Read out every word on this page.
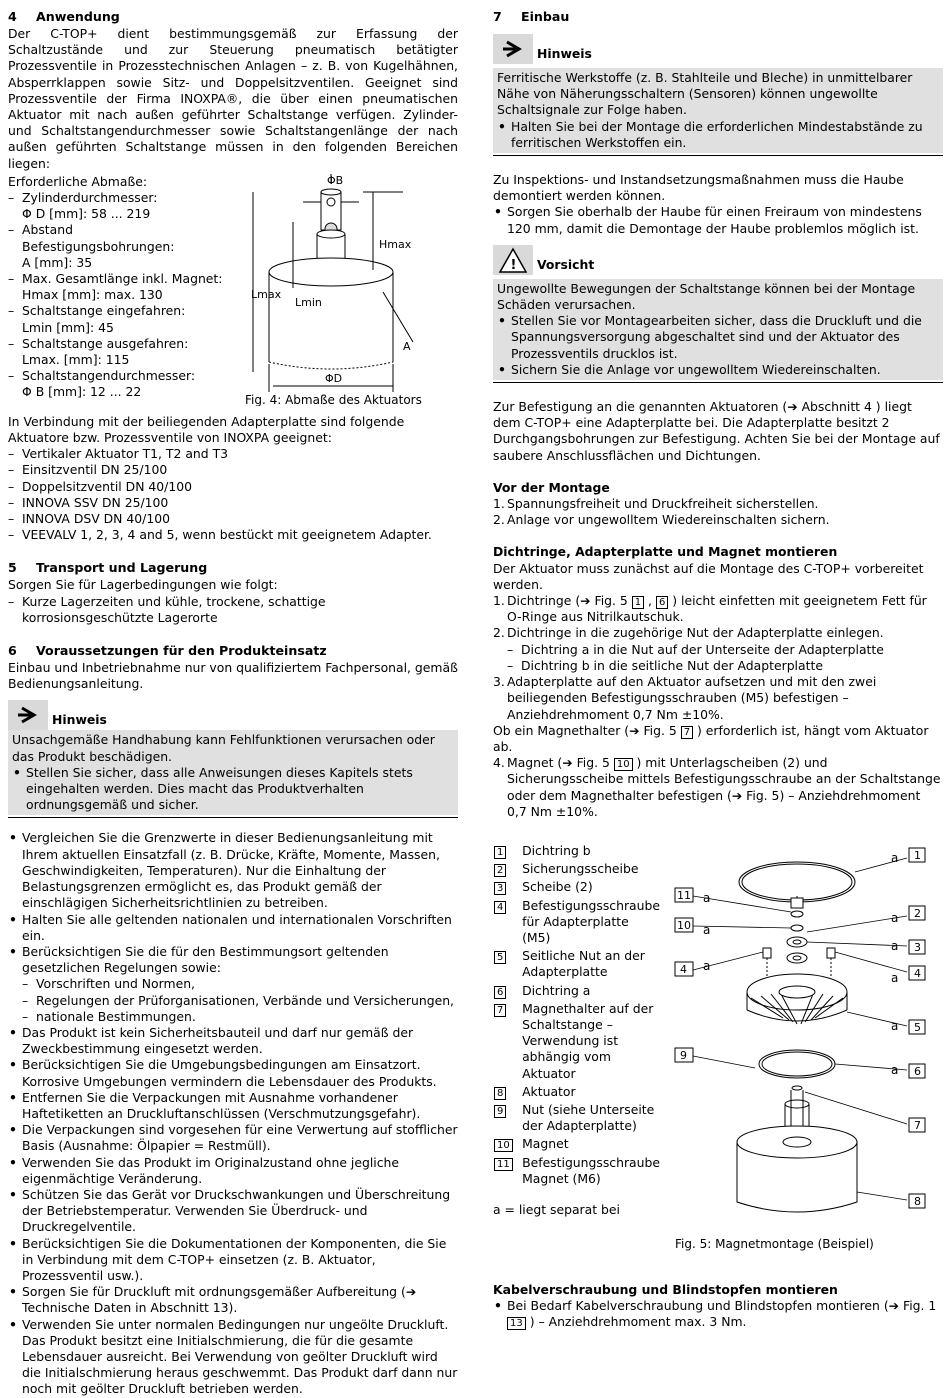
4 Anwendung

Der C-TOP+ dient bestimmungsgemäß zur Erfassung der Schaltzustände und zur Steuerung pneumatisch betätigter Prozessventile in Prozesstechnischen Anlagen – z. B. von Kugelhähnen, Absperrklappen sowie Sitz- und Doppelsitzventilen. Geeignet sind Prozessventile der Firma INOXPA®, die über einen pneumatischen Aktuator mit nach außen geführter Schaltstange verfügen. Zylinder- und Schaltstangendurchmesser sowie Schaltstangenlänge der nach außen geführten Schaltstange müssen in den folgenden Bereichen liegen:

Erforderliche Abmaße:

– Zylinderdurchmesser:
Φ D [mm]: 58 ... 219
– Abstand Befestigungsbohrungen:
A [mm]: 35
– Max. Gesamtlänge inkl. Magnet:
Hmax [mm]: max. 130
– Schaltstange eingefahren:
Lmin [mm]: 45
– Schaltstange ausgefahren:
Lmax. [mm]: 115
– Schaltstangendurchmesser:
Φ B [mm]: 12 ... 22
ΦB
Hmax
Lmax
Lmin
A
ΦD
Fig. 4: Abmaße des Aktuators

In Verbindung mit der beiliegenden Adapterplatte sind folgende Aktuatore bzw. Prozessventile von INOXPA geeignet:

– Vertikaler Aktuator T1, T2 and T3
– Einsitzventil DN 25/100
– Doppelsitzventil DN 40/100
– INNOVA SSV DN 25/100
– INNOVA DSV DN 40/100
– VEEVALV 1, 2, 3, 4 and 5, wenn bestückt mit geeignetem Adapter.
5 Transport und Lagerung

Sorgen Sie für Lagerbedingungen wie folgt:

– Kurze Lagerzeiten und kühle, trockene, schattige korrosionsgeschützte Lagerorte
6 Voraussetzungen für den Produkteinsatz

Einbau und Inbetriebnahme nur von qualifiziertem Fachpersonal, gemäß Bedienungsanleitung.

Hinweis

Unsachgemäße Handhabung kann Fehlfunktionen verursachen oder das Produkt beschädigen.

• Stellen Sie sicher, dass alle Anweisungen dieses Kapitels stets eingehalten werden. Dies macht das Produktverhalten ordnungsgemäß und sicher.
• Vergleichen Sie die Grenzwerte in dieser Bedienungsanleitung mit Ihrem aktuellen Einsatzfall (z. B. Drücke, Kräfte, Momente, Massen, Geschwindigkeiten, Temperaturen). Nur die Einhaltung der Belastungsgrenzen ermöglicht es, das Produkt gemäß der einschlägigen Sicherheitsrichtlinien zu betreiben.
• Halten Sie alle geltenden nationalen und internationalen Vorschriften ein.
• Berücksichtigen Sie die für den Bestimmungsort geltenden gesetzlichen Regelungen sowie:
– Vorschriften und Normen,
– Regelungen der Prüforganisationen, Verbände und Versicherungen,
– nationale Bestimmungen.
• Das Produkt ist kein Sicherheitsbauteil und darf nur gemäß der Zweckbestimmung eingesetzt werden.
• Berücksichtigen Sie die Umgebungsbedingungen am Einsatzort. Korrosive Umgebungen vermindern die Lebensdauer des Produkts.
• Entfernen Sie die Verpackungen mit Ausnahme vorhandener Haftetiketten an Druckluftanschlüssen (Verschmutzungsgefahr).
• Die Verpackungen sind vorgesehen für eine Verwertung auf stofflicher Basis (Ausnahme: Ölpapier = Restmüll).
• Verwenden Sie das Produkt im Originalzustand ohne jegliche eigenmächtige Veränderung.
• Schützen Sie das Gerät vor Druckschwankungen und Überschreitung der Betriebstemperatur. Verwenden Sie Überdruck- und Druckregelventile.
• Berücksichtigen Sie die Dokumentationen der Komponenten, die Sie in Verbindung mit dem C-TOP+ einsetzen (z. B. Aktuator, Prozessventil usw.).
• Sorgen Sie für Druckluft mit ordnungsgemäßer Aufbereitung (➔ Technische Daten in Abschnitt 13).
• Verwenden Sie unter normalen Bedingungen nur ungeölte Druckluft.
Das Produkt besitzt eine Initialschmierung, die für die gesamte Lebensdauer ausreicht. Bei Verwendung von geölter Druckluft wird die Initialschmierung heraus geschwemmt. Das Produkt darf dann nur noch mit geölter Druckluft betrieben werden.
7 Einbau
Hinweis

Ferritische Werkstoffe (z. B. Stahlteile und Bleche) in unmittelbarer Nähe von Näherungsschaltern (Sensoren) können ungewollte Schaltsignale zur Folge haben.

• Halten Sie bei der Montage die erforderlichen Mindestabstände zu ferritischen Werkstoffen ein.

Zu Inspektions- und Instandsetzungsmaßnahmen muss die Haube demontiert werden können.

• Sorgen Sie oberhalb der Haube für einen Freiraum von mindestens 120 mm, damit die Demontage der Haube problemlos möglich ist.
! Vorsicht

Ungewollte Bewegungen der Schaltstange können bei der Montage Schäden verursachen.

• Stellen Sie vor Montagearbeiten sicher, dass die Druckluft und die Spannungsversorgung abgeschaltet sind und der Aktuator des Prozessventils drucklos ist.
• Sichern Sie die Anlage vor ungewolltem Wiedereinschalten.

Zur Befestigung an die genannten Aktuatoren (➔ Abschnitt 4 ) liegt dem C-TOP+ eine Adapterplatte bei. Die Adapterplatte besitzt 2 Durchgangsbohrungen zur Befestigung. Achten Sie bei der Montage auf saubere Anschlussflächen und Dichtungen.

Vor der Montage

1. Spannungsfreiheit und Druckfreiheit sicherstellen.
2. Anlage vor ungewolltem Wiedereinschalten sichern.

Dichtringe, Adapterplatte und Magnet montieren

Der Aktuator muss zunächst auf die Montage des C-TOP+ vorbereitet werden.

1. Dichtringe (➔ Fig. 5 1 , 6 ) leicht einfetten mit geeignetem Fett für O-Ringe aus Nitrilkautschuk.
2. Dichtringe in die zugehörige Nut der Adapterplatte einlegen.
– Dichtring a in die Nut auf der Unterseite der Adapterplatte
– Dichtring b in die seitliche Nut der Adapterplatte
3. Adapterplatte auf den Aktuator aufsetzen und mit den zwei beiliegenden Befestigungsschrauben (M5) befestigen – Anziehdrehmoment 0,7 Nm ±10%.

Ob ein Magnethalter (➔ Fig. 5 7 ) erforderlich ist, hängt vom Aktuator ab.

4. Magnet (➔ Fig. 5 10 ) mit Unterlagscheiben (2) und Sicherungsscheibe mittels Befestigungsschraube an der Schaltstange oder dem Magnethalter befestigen (➔ Fig. 5) – Anziehdrehmoment 0,7 Nm ±10%.
1	Dichtring b
2	Sicherungsscheibe
3	Scheibe (2)
4	Befestigungsschraube für Adapterplatte (M5)
5	Seitliche Nut an der Adapterplatte
6	Dichtring a
7	Magnethalter auf der Schaltstange – Verwendung ist abhängig vom Aktuator
8	Aktuator
9	Nut (siehe Unterseite der Adapterplatte)
10	Magnet
11	Befestigungsschraube Magnet (M6)

a = liegt separat bei

a
a
a
a
a
a
a
a
a
1
2
3
4
5
6
7
8
11
10
4
9
Fig. 5: Magnetmontage (Beispiel)

Kabelverschraubung und Blindstopfen montieren

• Bei Bedarf Kabelverschraubung und Blindstopfen montieren (➔ Fig. 1 13 ) – Anziehdrehmoment max. 3 Nm.
